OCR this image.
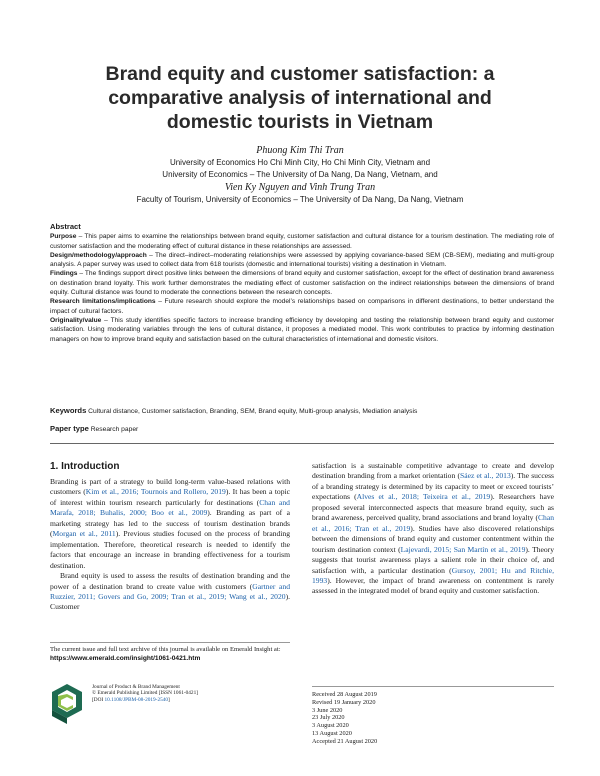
Brand equity and customer satisfaction: a
comparative analysis of international and
domestic tourists in Vietnam
Phuong Kim Thi Tran
University of Economics Ho Chi Minh City, Ho Chi Minh City, Vietnam and
University of Economics – The University of Da Nang, Da Nang, Vietnam, and
Vien Ky Nguyen and Vinh Trung Tran
Faculty of Tourism, University of Economics – The University of Da Nang, Da Nang, Vietnam
Abstract
Purpose – This paper aims to examine the relationships between brand equity, customer satisfaction and cultural distance for a tourism destination. The mediating role of customer satisfaction and the moderating effect of cultural distance in these relationships are assessed.
Design/methodology/approach – The direct–indirect–moderating relationships were assessed by applying covariance-based SEM (CB-SEM), mediating and multi-group analysis. A paper survey was used to collect data from 618 tourists (domestic and international tourists) visiting a destination in Vietnam.
Findings – The findings support direct positive links between the dimensions of brand equity and customer satisfaction, except for the effect of destination brand awareness on destination brand loyalty. This work further demonstrates the mediating effect of customer satisfaction on the indirect relationships between the dimensions of brand equity. Cultural distance was found to moderate the connections between the research concepts.
Research limitations/implications – Future research should explore the model’s relationships based on comparisons in different destinations, to better understand the impact of cultural factors.
Originality/value – This study identifies specific factors to increase branding efficiency by developing and testing the relationship between brand equity and customer satisfaction. Using moderating variables through the lens of cultural distance, it proposes a mediated model. This work contributes to practice by informing destination managers on how to improve brand equity and satisfaction based on the cultural characteristics of international and domestic visitors.
Keywords Cultural distance, Customer satisfaction, Branding, SEM, Brand equity, Multi-group analysis, Mediation analysis
Paper type Research paper
1. Introduction

Branding is part of a strategy to build long-term value-based relations with customers (Kim et al., 2016; Tournois and Rollero, 2019). It has been a topic of interest within tourism research particularly for destinations (Chan and Marafa, 2018; Buhalis, 2000; Boo et al., 2009). Branding as part of a marketing strategy has led to the success of tourism destination brands (Morgan et al., 2011). Previous studies focused on the process of branding implementation. Therefore, theoretical research is needed to identify the factors that encourage an increase in branding effectiveness for a tourism destination.

Brand equity is used to assess the results of destination branding and the power of a destination brand to create value with customers (Gartner and Ruzzier, 2011; Govers and Go, 2009; Tran et al., 2019; Wang et al., 2020). Customer

satisfaction is a sustainable competitive advantage to create and develop destination branding from a market orientation (Sáez et al., 2013). The success of a branding strategy is determined by its capacity to meet or exceed tourists’ expectations (Alves et al., 2018; Teixeira et al., 2019). Researchers have proposed several interconnected aspects that measure brand equity, such as brand awareness, perceived quality, brand associations and brand loyalty (Chan et al., 2016; Tran et al., 2019). Studies have also discovered relationships between the dimensions of brand equity and customer contentment within the tourism destination context (Lajevardi, 2015; San Martín et al., 2019). Theory suggests that tourist awareness plays a salient role in their choice of, and satisfaction with, a particular destination (Gursoy, 2001; Hu and Ritchie, 1993). However, the impact of brand awareness on contentment is rarely assessed in the integrated model of brand equity and customer satisfaction.

The current issue and full text archive of this journal is available on Emerald Insight at: https://www.emerald.com/insight/1061-0421.htm
Journal of Product & Brand Management
© Emerald Publishing Limited [ISSN 1061-0421]
[DOI 10.1108/JPBM-08-2019-2540]
Received 28 August 2019
Revised 19 January 2020
3 June 2020
23 July 2020
3 August 2020
13 August 2020
Accepted 21 August 2020
